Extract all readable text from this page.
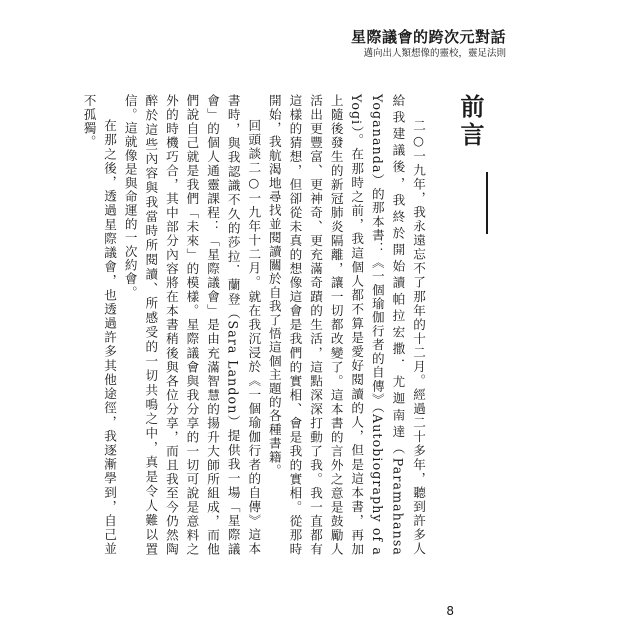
星際議會的跨次元對話
邁向出人類想像的靈校，靈足法則
前言

二○一九年，我永遠忘不了那年的十二月。經過二十多年，聽到許多人給我建議後，我終於開始讀帕拉宏撒．尤迦南達（Paramahansa Yogananda）的那本書：《一個瑜伽行者的自傳》（Autobiography of a Yogi）。在那時之前，我這個人都不算是愛好閱讀的人，但是這本書，再加上隨後發生的新冠肺炎隔離，讓一切都改變了。這本書的言外之意是鼓勵人活出更豐富、更神奇、更充滿奇蹟的生活，這點深深打動了我。我一直都有這樣的猜想，但卻從未真的想像這會是我們的實相、會是我的實相。從那時開始，我航渴地尋找並閱讀關於自我了悟這個主題的各種書籍。

回頭談二○一九年十二月。就在我沉浸於《一個瑜伽行者的自傳》這本書時，與我認識不久的莎拉．蘭登（Sara Landon）提供我一場「星際議會」的個人通靈課程：「星際議會」是由充滿智慧的揚升大師所組成，而他們說自己就是我們「未來」的模樣。星際議會與我分享的一切可說是意料之外的時機巧合，其中部分內容將在本書稍後與各位分享，而且我至今仍然陶醉於這些內容與我當時所閱讀、所感受的一切共鳴之中，真是令人難以置信。這就像是與命運的一次約會。

在那之後，透過星際議會，也透過許多其他途徑，我逐漸學到，自己並不孤獨。

8
